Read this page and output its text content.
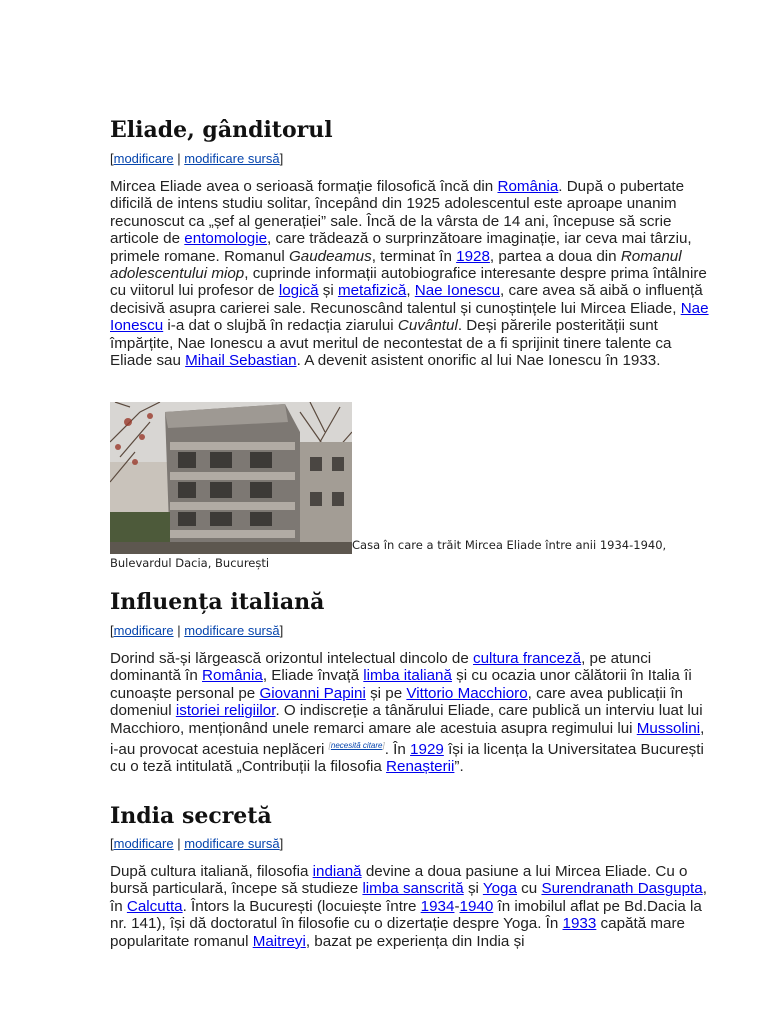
Eliade, gânditorul
[modificare | modificare sursă]

Mircea Eliade avea o serioasă formație filosofică încă din România. După o pubertate dificilă de intens studiu solitar, începând din 1925 adolescentul este aproape unanim recunoscut ca „șef al generației” sale. Încă de la vârsta de 14 ani, începuse să scrie articole de entomologie, care trădează o surprinzătoare imaginație, iar ceva mai târziu, primele romane. Romanul Gaudeamus, terminat în 1928, partea a doua din Romanul adolescentului miop, cuprinde informații autobiografice interesante despre prima întâlnire cu viitorul lui profesor de logică și metafizică, Nae Ionescu, care avea să aibă o influență decisivă asupra carierei sale. Recunoscând talentul și cunoștințele lui Mircea Eliade, Nae Ionescu i-a dat o slujbă în redacția ziarului Cuvântul. Deși părerile posterității sunt împărțite, Nae Ionescu a avut meritul de necontestat de a fi sprijinit tinere talente ca Eliade sau Mihail Sebastian. A devenit asistent onorific al lui Nae Ionescu în 1933.

Casa în care a trăit Mircea Eliade între anii 1934-1940, Bulevardul Dacia, București
Influența italiană
[modificare | modificare sursă]

Dorind să-și lărgească orizontul intelectual dincolo de cultura franceză, pe atunci dominantă în România, Eliade învață limba italiană și cu ocazia unor călătorii în Italia îi cunoaște personal pe Giovanni Papini și pe Vittorio Macchioro, care avea publicații în domeniul istoriei religiilor. O indiscreție a tânărului Eliade, care publică un interviu luat lui Macchioro, menționând unele remarci amare ale acestuia asupra regimului lui Mussolini, i-au provocat acestuia neplăceri [necesită citare]. În 1929 își ia licența la Universitatea București cu o teză intitulată „Contribuții la filosofia Renașterii”.

India secretă
[modificare | modificare sursă]

După cultura italiană, filosofia indiană devine a doua pasiune a lui Mircea Eliade. Cu o bursă particulară, începe să studieze limba sanscrită și Yoga cu Surendranath Dasgupta, în Calcutta. Întors la București (locuiește între 1934-1940 în imobilul aflat pe Bd.Dacia la nr. 141), își dă doctoratul în filosofie cu o dizertație despre Yoga. În 1933 capătă mare popularitate romanul Maitreyi, bazat pe experiența din India și
